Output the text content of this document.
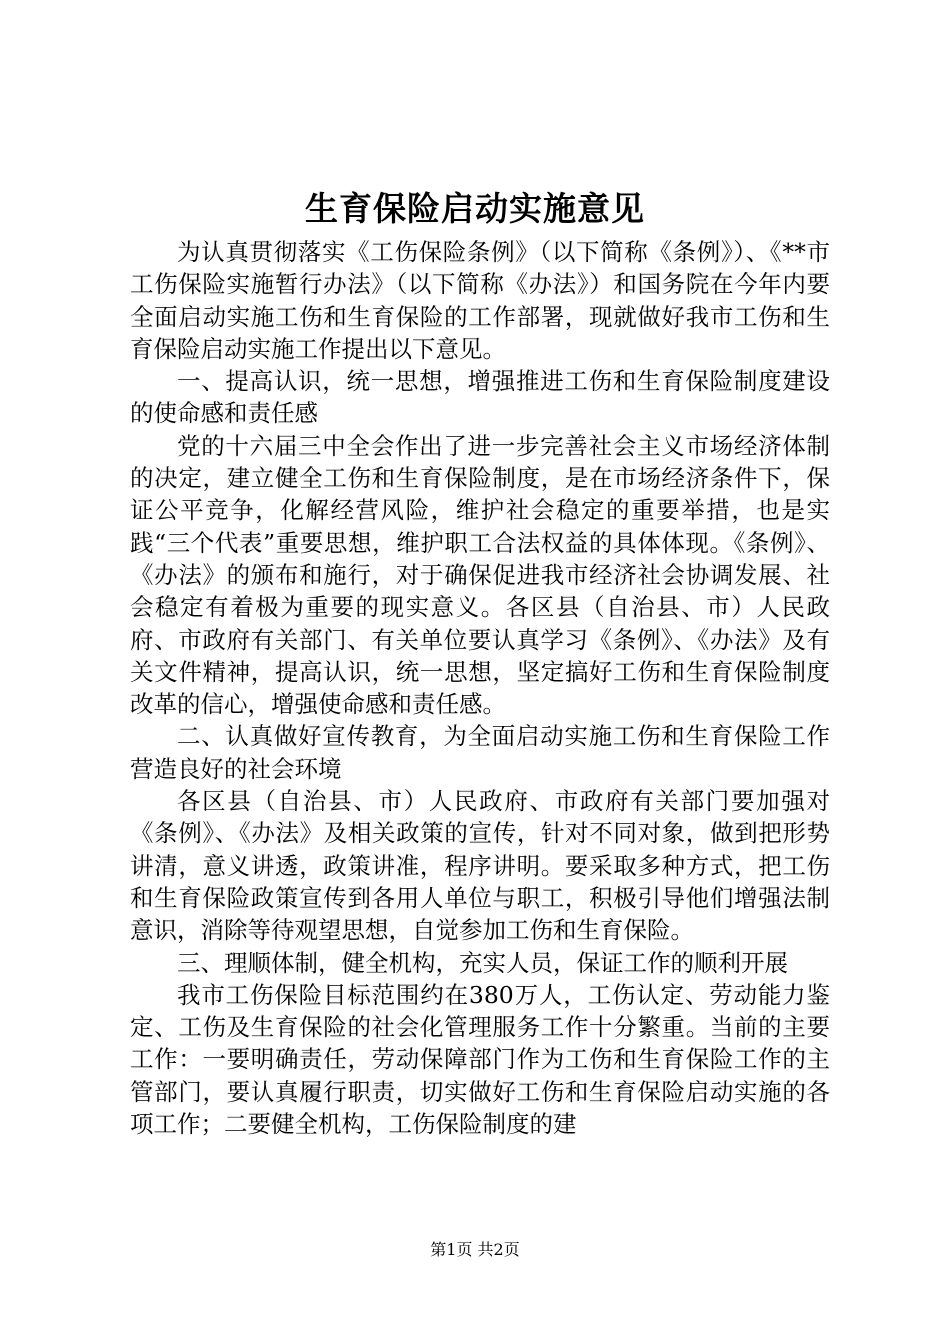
生育保险启动实施意见

为认真贯彻落实《工伤保险条例》（以下简称《条例》）、《**市工伤保险实施暂行办法》（以下简称《办法》）和国务院在今年内要全面启动实施工伤和生育保险的工作部署，现就做好我市工伤和生育保险启动实施工作提出以下意见。

一、提高认识，统一思想，增强推进工伤和生育保险制度建设的使命感和责任感

党的十六届三中全会作出了进一步完善社会主义市场经济体制的决定，建立健全工伤和生育保险制度，是在市场经济条件下，保证公平竞争，化解经营风险，维护社会稳定的重要举措，也是实践“三个代表”重要思想，维护职工合法权益的具体体现。《条例》、《办法》的颁布和施行，对于确保促进我市经济社会协调发展、社会稳定有着极为重要的现实意义。各区县（自治县、市）人民政府、市政府有关部门、有关单位要认真学习《条例》、《办法》及有关文件精神，提高认识，统一思想，坚定搞好工伤和生育保险制度改革的信心，增强使命感和责任感。

二、认真做好宣传教育，为全面启动实施工伤和生育保险工作营造良好的社会环境

各区县（自治县、市）人民政府、市政府有关部门要加强对《条例》、《办法》及相关政策的宣传，针对不同对象，做到把形势讲清，意义讲透，政策讲准，程序讲明。要采取多种方式，把工伤和生育保险政策宣传到各用人单位与职工，积极引导他们增强法制意识，消除等待观望思想，自觉参加工伤和生育保险。

三、理顺体制，健全机构，充实人员，保证工作的顺利开展

我市工伤保险目标范围约在380万人，工伤认定、劳动能力鉴定、工伤及生育保险的社会化管理服务工作十分繁重。当前的主要工作：一要明确责任，劳动保障部门作为工伤和生育保险工作的主管部门，要认真履行职责，切实做好工伤和生育保险启动实施的各项工作；二要健全机构，工伤保险制度的建

第1页 共2页
